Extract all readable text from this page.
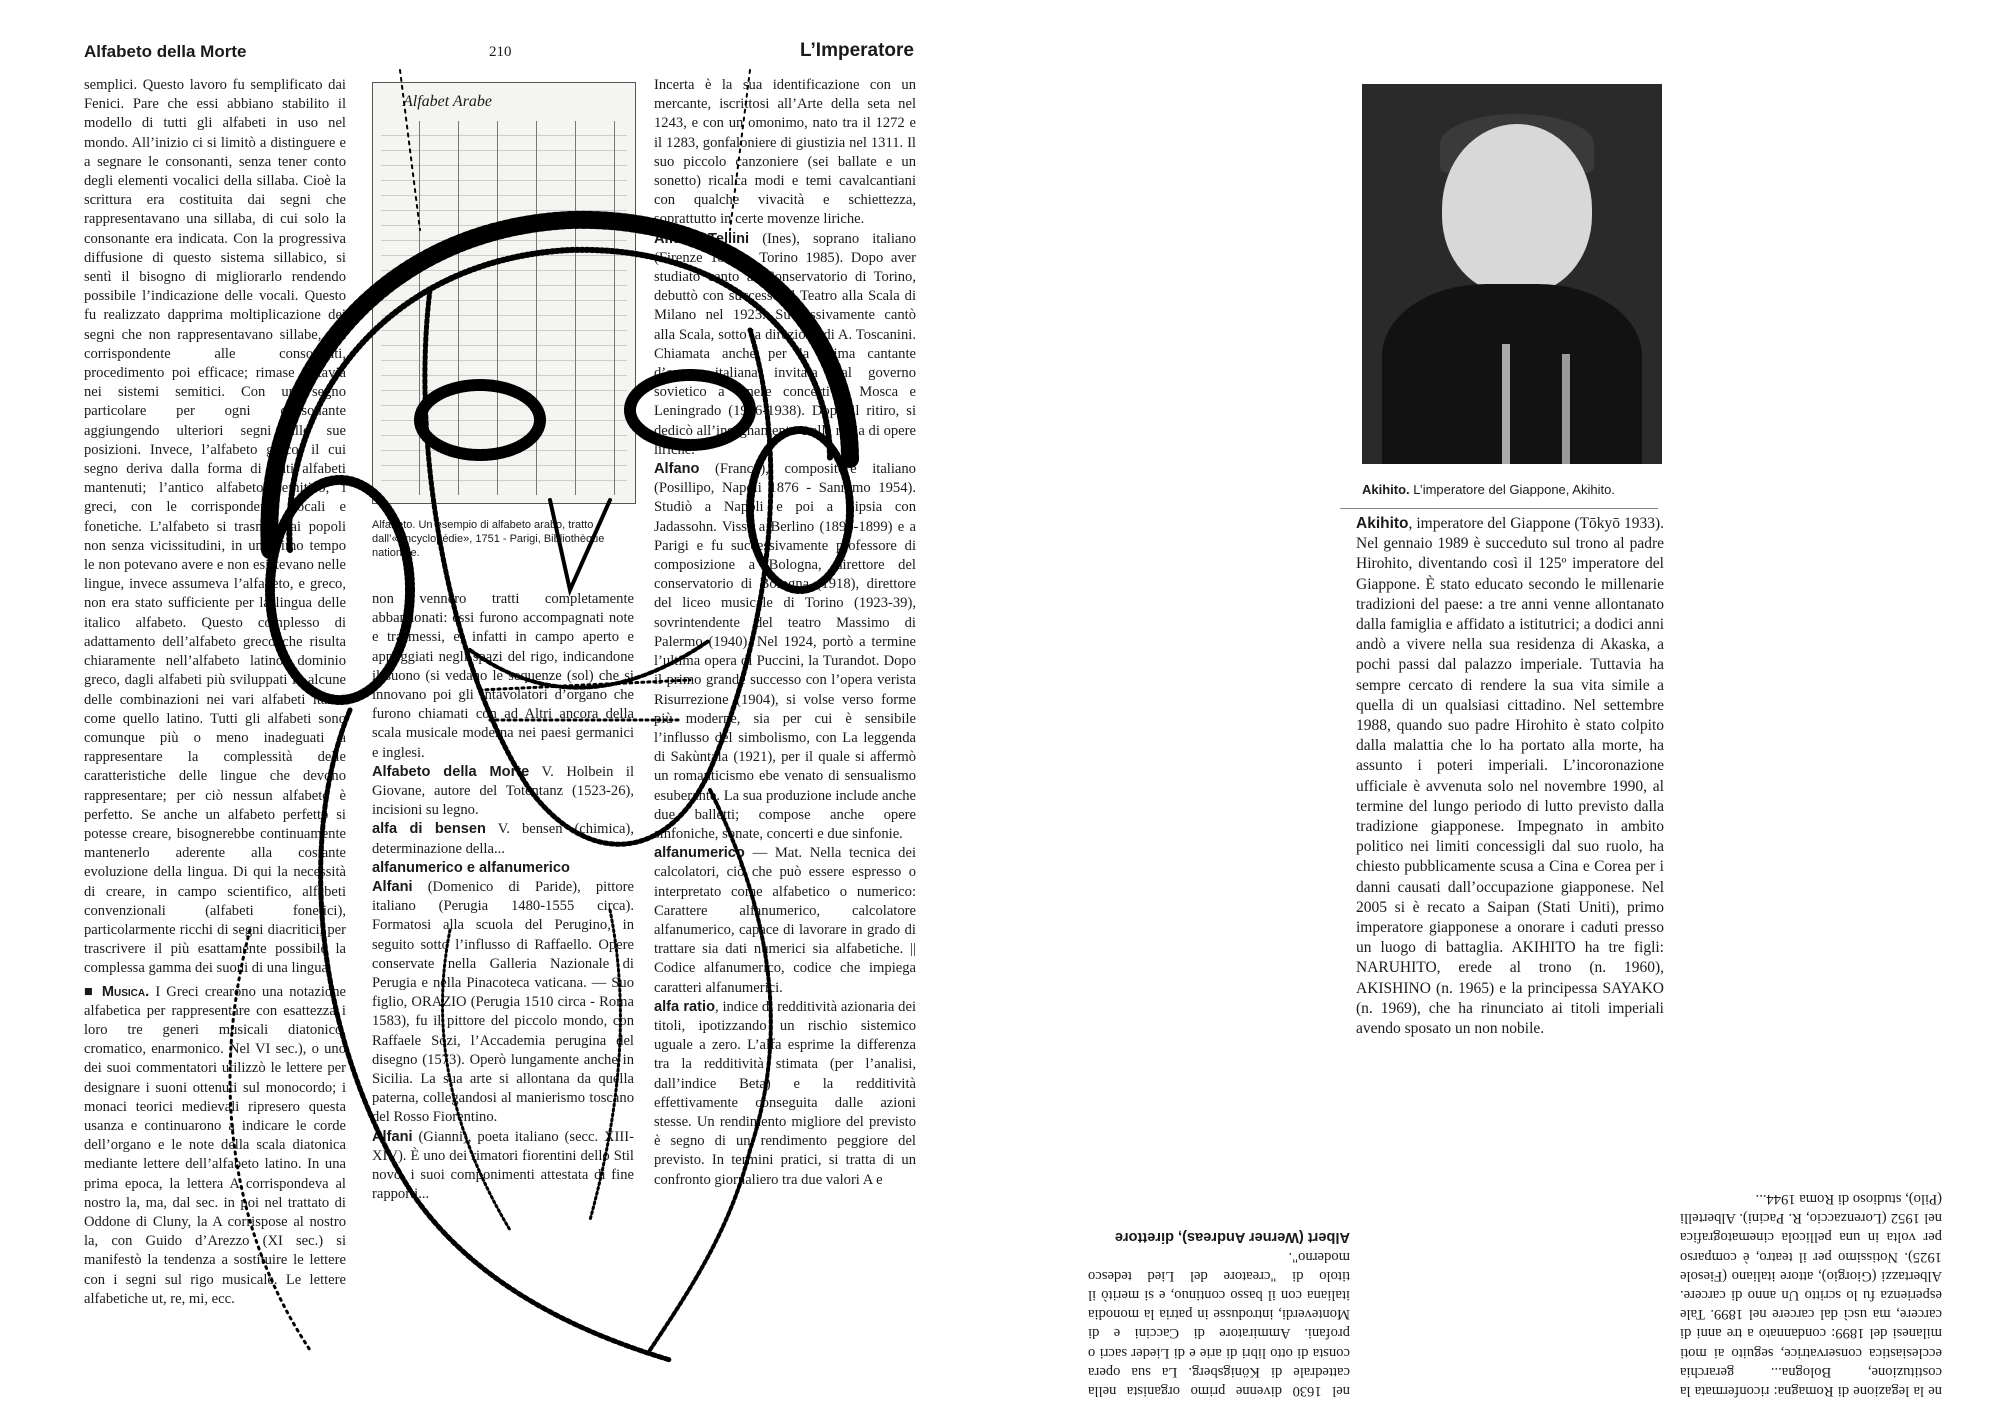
Alfabeto della Morte	210	L’Imperatore

semplici. Questo lavoro fu semplificato dai Fenici. Pare che essi abbiano stabilito il modello di tutti gli alfabeti in uso nel mondo. All’inizio ci si limitò a distinguere e a segnare le consonanti, senza tener conto degli elementi vocalici della sillaba. Cioè la scrittura era costituita dai segni che rappresentavano una sillaba, di cui solo la consonante era indicata. Con la progressiva diffusione di questo sistema sillabico, si sentì il bisogno di migliorarlo rendendo possibile l’indicazione delle vocali. Questo fu realizzato dapprima moltiplicazione dei segni che non rappresentavano sillabe, ma corrispondente alle consonanti, procedimento poi efficace; rimase tuttavia nei sistemi semitici. Con un segno particolare per ogni consonante aggiungendo ulteriori segni alle sue posizioni. Invece, l’alfabeto greco, il cui segno deriva dalla forma di stati alfabeti mantenuti; l’antico alfabeto semitico, i greci, con le corrispondenti vocali e fonetiche. L’alfabeto si trasmise ai popoli non senza vicissitudini, in un primo tempo le non potevano avere e non esistevano nelle lingue, invece assumeva l’alfabeto, e greco, non era stato sufficiente per la lingua delle italico alfabeto. Questo complesso di adattamento dell’alfabeto greco che risulta chiaramente nell’alfabeto latino, dominio greco, dagli alfabeti più sviluppati in alcune delle combinazioni nei vari alfabeti italici come quello latino. Tutti gli alfabeti sono comunque più o meno inadeguati a rappresentare la complessità delle caratteristiche delle lingue che devono rappresentare; per ciò nessun alfabeto è perfetto. Se anche un alfabeto perfetto si potesse creare, bisognerebbe continuamente mantenerlo aderente alla costante evoluzione della lingua. Di qui la necessità di creare, in campo scientifico, alfabeti convenzionali (alfabeti fonetici), particolarmente ricchi di segni diacritici, per trascrivere il più esattamente possibile la complessa gamma dei suoni di una lingua.

■ Musica. I Greci crearono una notazione alfabetica per rappresentare con esattezza i loro tre generi musicali diatonico, cromatico, enarmonico. Nel VI sec.), o uno dei suoi commentatori utilizzò le lettere per designare i suoni ottenuti sul monocordo; i monaci teorici medievali ripresero questa usanza e continuarono a indicare le corde dell’organo e le note della scala diatonica mediante lettere dell’alfabeto latino. In una prima epoca, la lettera A corrispondeva al nostro la, ma, dal sec. in poi nel trattato di Oddone di Cluny, la A corrispose al nostro la, con Guido d’Arezzo (XI sec.) si manifestò la tendenza a sostituire le lettere con i segni sul rigo musicale. Le lettere alfabetiche ut, re, mi, ecc.

Alfabet Arabe
Alfabeto. Un esempio di alfabeto arabo, tratto dall’«Encyclopédie», 1751 - Parigi, Bibliothèque nationale.

non vennero tratti completamente abbandonati: essi furono accompagnati note e trasmessi, e, infatti in campo aperto e appoggiati negli spazi del rigo, indicandone il suono (si vedano le sequenze (sol) che si innovano poi gli intavolatori d’organo che furono chiamati con ad Altri ancora della scala musicale moderna nei paesi germanici e inglesi.

Alfabeto della Morte V. Holbein il Giovane, autore del Totentanz (1523-26), incisioni su legno.

alfa di bensen V. bensen (chimica), determinazione della...

alfanumerico e alfanumerico

Alfani (Domenico di Paride), pittore italiano (Perugia 1480-1555 circa). Formatosi alla scuola del Perugino, in seguito sotto l’influsso di Raffaello. Opere conservate nella Galleria Nazionale di Perugia e nella Pinacoteca vaticana. — Suo figlio, ORAZIO (Perugia 1510 circa - Roma 1583), fu il pittore del piccolo mondo, con Raffaele Sozi, l’Accademia perugina del disegno (1573). Operò lungamente anche in Sicilia. La sua arte si allontana da quella paterna, collegandosi al manierismo toscano del Rosso Fiorentino.

Alfani (Gianni), poeta italiano (secc. XIII-XIV). È uno dei rimatori fiorentini dello Stil novo, i suoi componimenti attestata di fine rapporti...

Incerta è la sua identificazione con un mercante, iscrittosi all’Arte della seta nel 1243, e con un omonimo, nato tra il 1272 e il 1283, gonfaloniere di giustizia nel 1311. Il suo piccolo canzoniere (sei ballate e un sonetto) ricalca modi e temi cavalcantiani con qualche vivacità e schiettezza, soprattutto in certe movenze liriche.

Alfani Tellini (Ines), soprano italiano (Firenze 1896 - Torino 1985). Dopo aver studiato canto al Conservatorio di Torino, debuttò con successo al Teatro alla Scala di Milano nel 1923. Successivamente cantò alla Scala, sotto la direzione di A. Toscanini. Chiamata anche per la prima cantante d’opera italiana invitata dal governo sovietico a tenere concerti a Mosca e Leningrado (1936-1938). Dopo il ritiro, si dedicò all’insegnamento e alla regia di opere liriche.

Alfano (Franco), compositore italiano (Posillipo, Napoli 1876 - Sanremo 1954). Studiò a Napoli e poi a Lipsia con Jadassohn. Visse a Berlino (1896-1899) e a Parigi e fu successivamente professore di composizione a Bologna, direttore del conservatorio di Bologna (1918), direttore del liceo musicale di Torino (1923-39), sovrintendente del teatro Massimo di Palermo (1940). Nel 1924, portò a termine l’ultima opera di Puccini, la Turandot. Dopo il primo grande successo con l’opera verista Risurrezione (1904), si volse verso forme più moderne, sia per cui è sensibile l’influsso del simbolismo, con La leggenda di Sakùntala (1921), per il quale si affermò un romanticismo ebe venato di sensualismo esuberante. La sua produzione include anche due balletti; compose anche opere sinfoniche, sonate, concerti e due sinfonie.

alfanumerico — Mat. Nella tecnica dei calcolatori, ciò che può essere espresso o interpretato come alfabetico o numerico: Carattere alfanumerico, calcolatore alfanumerico, capace di lavorare in grado di trattare sia dati numerici sia alfabetiche. || Codice alfanumerico, codice che impiega caratteri alfanumerici.

alfa ratio, indice di redditività azionaria dei titoli, ipotizzando un rischio sistemico uguale a zero. L’alfa esprime la differenza tra la redditività stimata (per l’analisi, dall’indice Beta) e la redditività effettivamente conseguita dalle azioni stesse. Un rendimento migliore del previsto è segno di un rendimento peggiore del previsto. In termini pratici, si tratta di un confronto giornaliero tra due valori A e

nel 1630 divenne primo organista nella cattedrale di Königsberg. La sua opera consta di otto libri di arie e di Lieder sacri o profani. Ammiratore di Caccini e di Monteverdi, introdusse in patria la monodia italiana con il basso continuo, e si meritò il titolo di "creatore del Lied tedesco moderno".

Albert (Werner Andreas), direttore

ne la legazione di Romagna: riconfermata la costituzione, Bologna... gerarchia ecclesiastica conservatrice, seguito ai moti milanesi del 1899: condannato a tre anni di carcere, ma uscì dal carcere nel 1899. Tale esperienza fu lo scritto Un anno di carcere. Albertazzi (Giorgio), attore italiano (Fiesole 1925). Notissimo per il teatro, è comparso per volta in una pellicola cinematografica nel 1952 (Lorenzaccio, R. Pacini). Albertelli (Pilo), studioso di Roma 1944...

Akihito. L’imperatore del Giappone, Akihito.

Akihito, imperatore del Giappone (Tōkyō 1933). Nel gennaio 1989 è succeduto sul trono al padre Hirohito, diventando così il 125º imperatore del Giappone. È stato educato secondo le millenarie tradizioni del paese: a tre anni venne allontanato dalla famiglia e affidato a istitutrici; a dodici anni andò a vivere nella sua residenza di Akaska, a pochi passi dal palazzo imperiale. Tuttavia ha sempre cercato di rendere la sua vita simile a quella di un qualsiasi cittadino. Nel settembre 1988, quando suo padre Hirohito è stato colpito dalla malattia che lo ha portato alla morte, ha assunto i poteri imperiali. L’incoronazione ufficiale è avvenuta solo nel novembre 1990, al termine del lungo periodo di lutto previsto dalla tradizione giapponese. Impegnato in ambito politico nei limiti concessigli dal suo ruolo, ha chiesto pubblicamente scusa a Cina e Corea per i danni causati dall’occupazione giapponese. Nel 2005 si è recato a Saipan (Stati Uniti), primo imperatore giapponese a onorare i caduti presso un luogo di battaglia. AKIHITO ha tre figli: NARUHITO, erede al trono (n. 1960), AKISHINO (n. 1965) e la principessa SAYAKO (n. 1969), che ha rinunciato ai titoli imperiali avendo sposato un non nobile.
